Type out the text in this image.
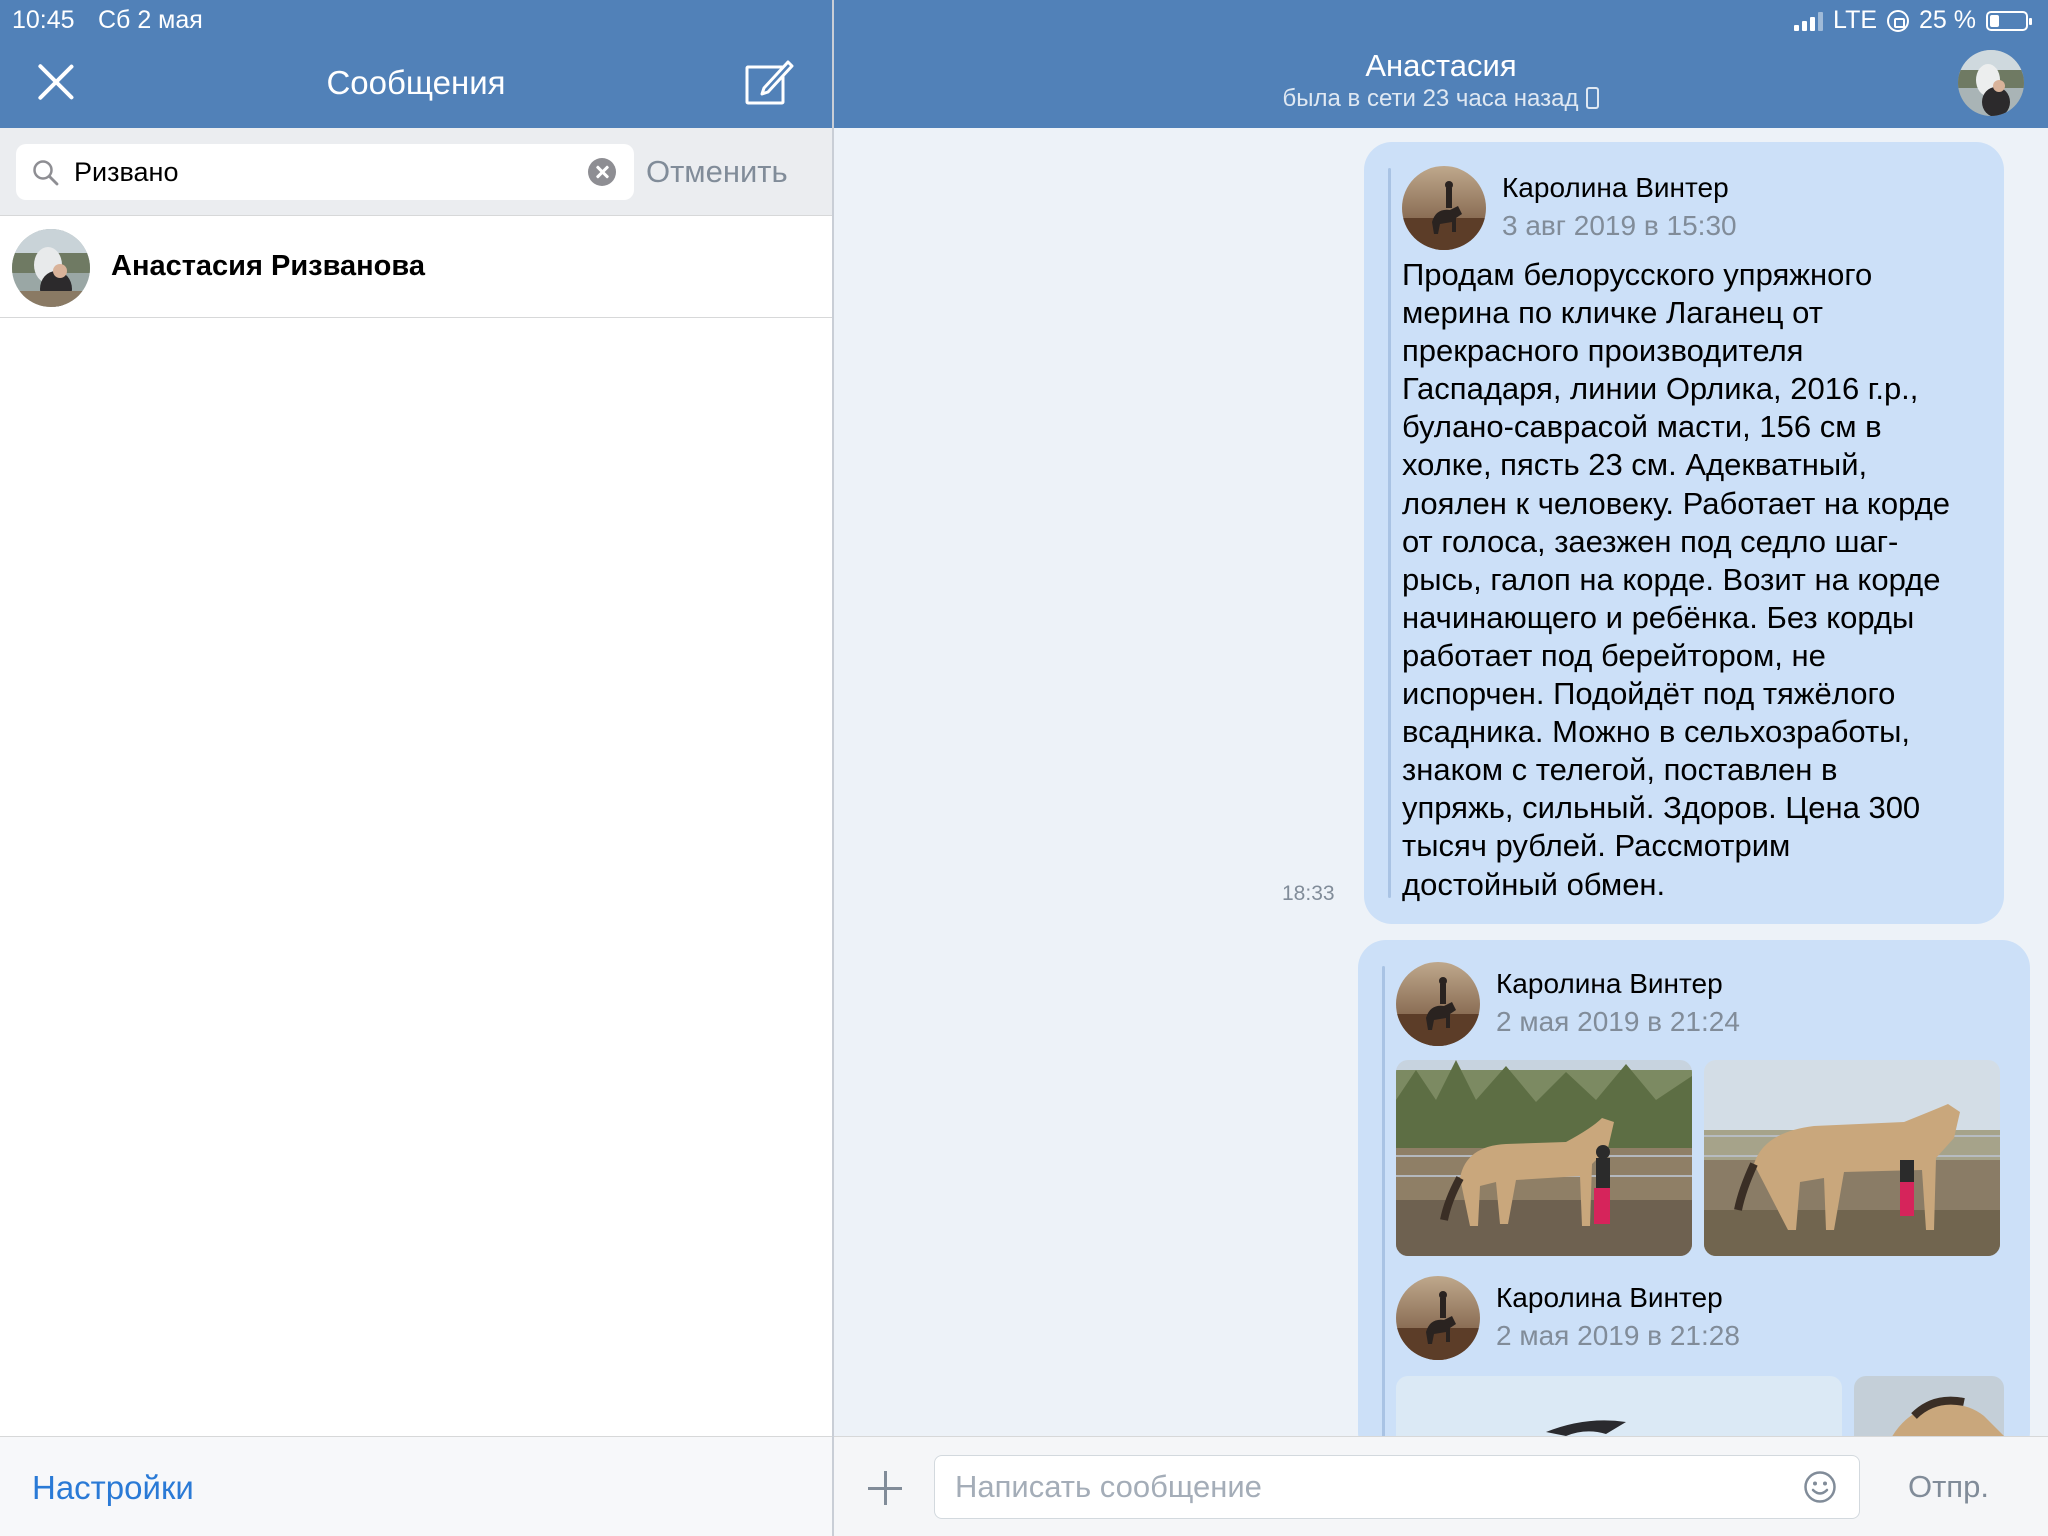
10:45 Сб 2 мая
Сообщения
Ризвано
Отменить
Анастасия Ризванова
Настройки
LTE 25 %
Анастасия
была в сети 23 часа назад
Каролина Винтер
3 авг 2019 в 15:30
Продам белорусского упряжного
мерина по кличке Лаганец от
прекрасного производителя
Гаспадаря, линии Орлика, 2016 г.р.,
булано-саврасой масти, 156 см в
холке, пясть 23 см. Адекватный,
лоялен к человеку. Работает на корде
от голоса, заезжен под седло шаг-
рысь, галоп на корде. Возит на корде
начинающего и ребёнка. Без корды
работает под берейтором, не
испорчен. Подойдёт под тяжёлого
всадника. Можно в сельхозработы,
знаком с телегой, поставлен в
упряжь, сильный. Здоров. Цена 300
тысяч рублей. Рассмотрим
достойный обмен.
18:33
Каролина Винтер
2 мая 2019 в 21:24
Каролина Винтер
2 мая 2019 в 21:28
Написать сообщение
Отпр.
